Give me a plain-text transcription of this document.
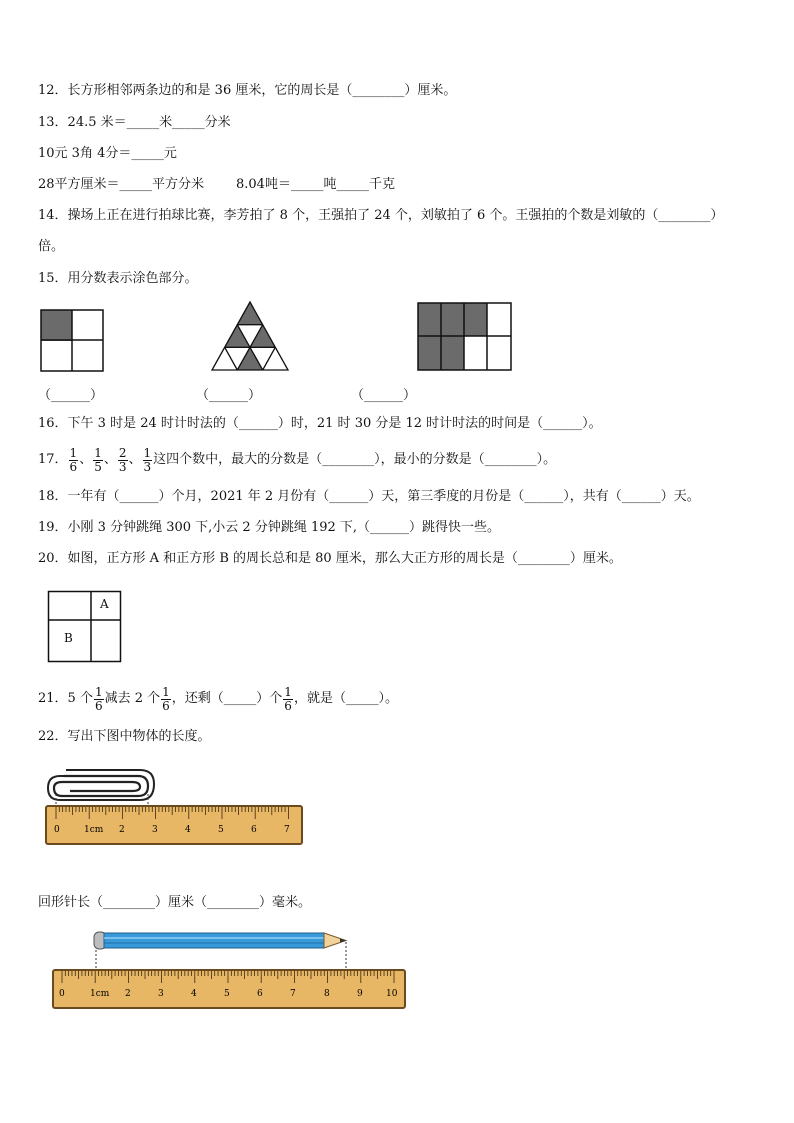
12．长方形相邻两条边的和是 36 厘米，它的周长是（________）厘米。
13．24.5 米＝_____米_____分米
10元 3角 4分＝_____元
28平方厘米＝_____平方分米 8.04吨＝_____吨_____千克
14．操场上正在进行拍球比赛，李芳拍了 8 个，王强拍了 24 个，刘敏拍了 6 个。王强拍的个数是刘敏的（________）
倍。
15．用分数表示涂色部分。
（______）	（______）	（______）
16．下午 3 时是 24 时计时法的（______）时，21 时 30 分是 12 时计时法的时间是（______）。
17． $\frac{1}{6}$ 、 $\frac{1}{5}$ 、 $\frac{2}{3}$ 、 $\frac{1}{3}$ 这四个数中，最大的分数是（________），最小的分数是（________）。
18．一年有（______）个月，2021 年 2 月份有（______）天，第三季度的月份是（______），共有（______）天。
19．小刚 3 分钟跳绳 300 下,小云 2 分钟跳绳 192 下,（______）跳得快一些。
20．如图，正方形 A 和正方形 B 的周长总和是 80 厘米，那么大正方形的周长是（________）厘米。
A
B
21．5 个 $\frac{1}{6}$ 减去 2 个 $\frac{1}{6}$ ，还剩（_____）个 $\frac{1}{6}$ ，就是（_____）。
22．写出下图中物体的长度。
0	1cm 2	3	4	5	6	7
回形针长（________）厘米（________）毫米。
0	1cm 2	3	4	5	6	7	8	9	10
